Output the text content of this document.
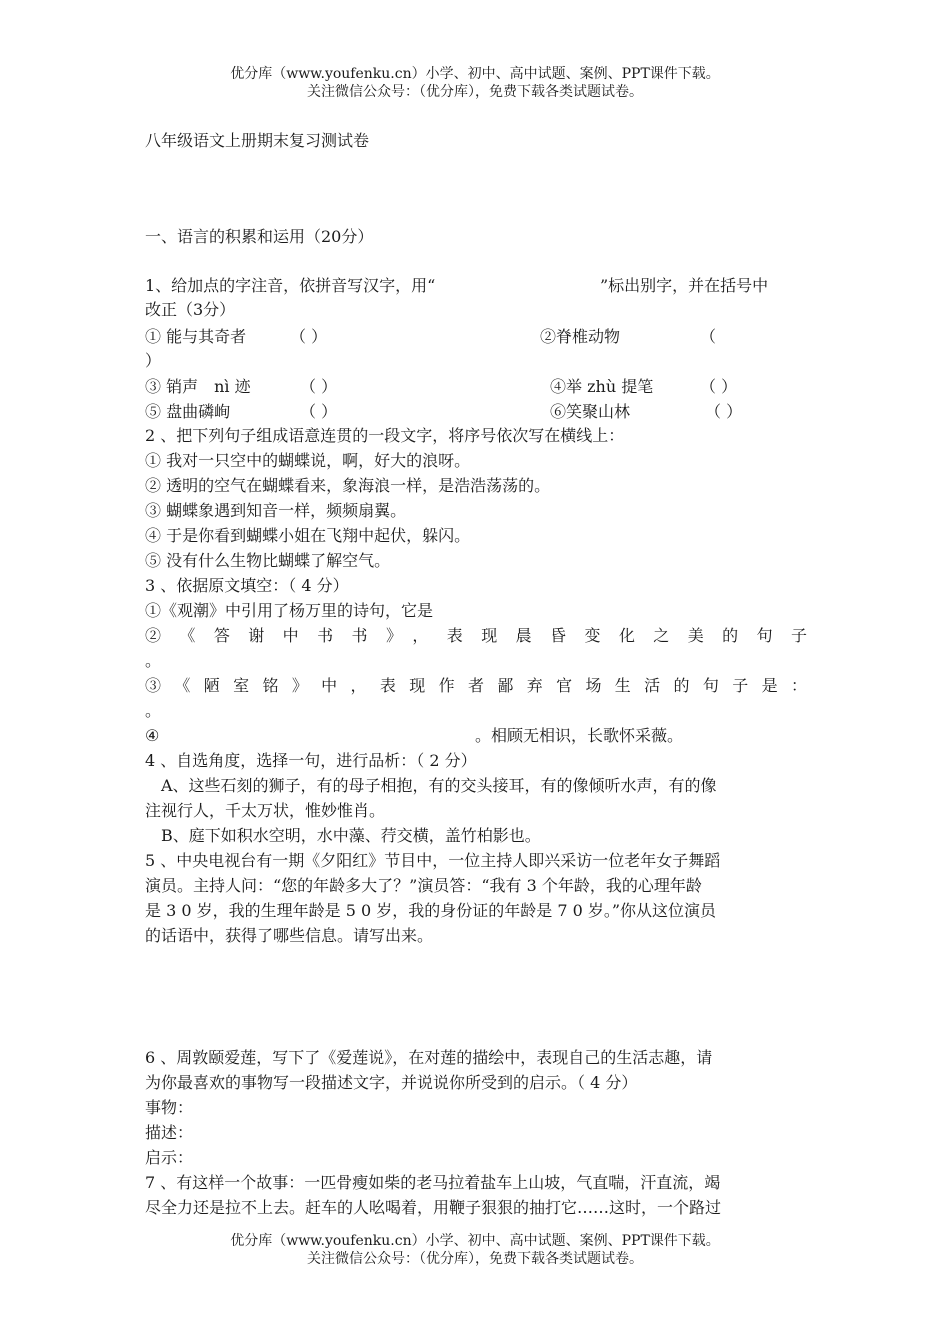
优分库（www.youfenku.cn）小学、初中、高中试题、案例、PPT课件下载。
关注微信公众号：（优分库），免费下载各类试题试卷。
八年级语文上册期末复习测试卷
一、语言的积累和运用（20分）
1、给加点的字注音，依拼音写汉字，用“	”标出别字，并在括号中
改正（3分）
① 能与其奇者	（ ）	②脊椎动物	（
）
③ 销声　nì 迹	（ ）	④举 zhù 提笔	（ ）
⑤ 盘曲磷峋	（ ）	⑥笑聚山林	（ ）
2 、把下列句子组成语意连贯的一段文字，将序号依次写在横线上：
① 我对一只空中的蝴蝶说，啊，好大的浪呀。
② 透明的空气在蝴蝶看来，象海浪一样，是浩浩荡荡的。
③ 蝴蝶象遇到知音一样，频频扇翼。
④ 于是你看到蝴蝶小姐在飞翔中起伏，躲闪。
⑤ 没有什么生物比蝴蝶了解空气。
3 、依据原文填空：（ 4 分）
①《观潮》中引用了杨万里的诗句，它是
②《答谢中书书》，表现晨昏变化之美的句子
。
③《陋室铭》中，表现作者鄙弃官场生活的句子是：
。
④	。相顾无相识，长歌怀采薇。
4 、自选角度，选择一句，进行品析：（ 2 分）
　A、这些石刻的狮子，有的母子相抱，有的交头接耳，有的像倾听水声，有的像
注视行人，千太万状，惟妙惟肖。
　B、庭下如积水空明，水中藻、荇交横，盖竹柏影也。
5 、中央电视台有一期《夕阳红》节目中，一位主持人即兴采访一位老年女子舞蹈
演员。主持人问：“您的年龄多大了？”演员答：“我有 3 个年龄，我的心理年龄
是 3 0 岁，我的生理年龄是 5 0 岁，我的身份证的年龄是 7 0 岁。”你从这位演员
的话语中，获得了哪些信息。请写出来。
6 、周敦颐爱莲，写下了《爱莲说》，在对莲的描绘中，表现自己的生活志趣，请
为你最喜欢的事物写一段描述文字，并说说你所受到的启示。（ 4 分）
事物：
描述：
启示：
7 、有这样一个故事：一匹骨瘦如柴的老马拉着盐车上山坡，气直喘，汗直流，竭
尽全力还是拉不上去。赶车的人吆喝着，用鞭子狠狠的抽打它……这时，一个路过
优分库（www.youfenku.cn）小学、初中、高中试题、案例、PPT课件下载。
关注微信公众号：（优分库），免费下载各类试题试卷。
